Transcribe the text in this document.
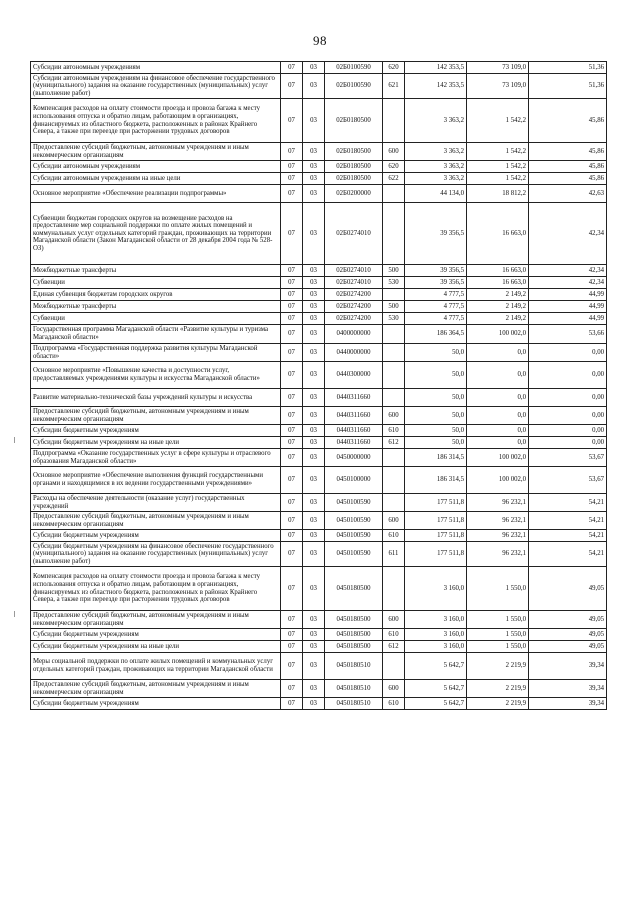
98
Субсидии автономным учреждениям	07	03	02Б0100590	620	142 353,5	73 109,0	51,36
Субсидии автономным учреждениям на финансовое обеспечение государственного (муниципального) задания на оказание государственных (муниципальных) услуг (выполнение работ)	07	03	02Б0100590	621	142 353,5	73 109,0	51,36
Компенсация расходов на оплату стоимости проезда и провоза багажа к месту использования отпуска и обратно лицам, работающим в организациях, финансируемых из областного бюджета, расположенных в районах Крайнего Севера, а также при переезде при расторжении трудовых договоров	07	03	02Б0180500		3 363,2	1 542,2	45,86
Предоставление субсидий бюджетным, автономным учреждениям и иным некоммерческим организациям	07	03	02Б0180500	600	3 363,2	1 542,2	45,86
Субсидии автономным учреждениям	07	03	02Б0180500	620	3 363,2	1 542,2	45,86
Субсидии автономным учреждениям на иные цели	07	03	02Б0180500	622	3 363,2	1 542,2	45,86
Основное мероприятие «Обеспечение реализации подпрограммы»	07	03	02Б0200000		44 134,0	18 812,2	42,63
Субвенции бюджетам городских округов на возмещение расходов на предоставление мер социальной поддержки по оплате жилых помещений и коммунальных услуг отдельных категорий граждан, проживающих на территории Магаданской области (Закон Магаданской области от 28 декабря 2004 года № 528-ОЗ)	07	03	02Б0274010		39 356,5	16 663,0	42,34
Межбюджетные трансферты	07	03	02Б0274010	500	39 356,5	16 663,0	42,34
Субвенции	07	03	02Б0274010	530	39 356,5	16 663,0	42,34
Единая субвенция бюджетам городских округов	07	03	02Б0274200		4 777,5	2 149,2	44,99
Межбюджетные трансферты	07	03	02Б0274200	500	4 777,5	2 149,2	44,99
Субвенции	07	03	02Б0274200	530	4 777,5	2 149,2	44,99
Государственная программа Магаданской области «Развитие культуры и туризма Магаданской области»	07	03	0400000000		186 364,5	100 002,0	53,66
Подпрограмма «Государственная поддержка развития культуры Магаданской области»	07	03	0440000000		50,0	0,0	0,00
Основное мероприятие «Повышение качества и доступности услуг, предоставляемых учреждениями культуры и искусства Магаданской области»	07	03	0440300000		50,0	0,0	0,00
Развитие материально-технической базы учреждений культуры и искусства	07	03	0440311660		50,0	0,0	0,00
Предоставление субсидий бюджетным, автономным учреждениям и иным некоммерческим организациям	07	03	0440311660	600	50,0	0,0	0,00
Субсидии бюджетным учреждениям	07	03	0440311660	610	50,0	0,0	0,00
Субсидии бюджетным учреждениям на иные цели	07	03	0440311660	612	50,0	0,0	0,00
Подпрограмма «Оказание государственных услуг в сфере культуры и отраслевого образования Магаданской области»	07	03	0450000000		186 314,5	100 002,0	53,67
Основное мероприятие «Обеспечение выполнения функций государственными органами и находящимися в их ведении государственными учреждениями»	07	03	0450100000		186 314,5	100 002,0	53,67
Расходы на обеспечение деятельности (оказание услуг) государственных учреждений	07	03	0450100590		177 511,8	96 232,1	54,21
Предоставление субсидий бюджетным, автономным учреждениям и иным некоммерческим организациям	07	03	0450100590	600	177 511,8	96 232,1	54,21
Субсидии бюджетным учреждениям	07	03	0450100590	610	177 511,8	96 232,1	54,21
Субсидии бюджетным учреждениям на финансовое обеспечение государственного (муниципального) задания на оказание государственных (муниципальных) услуг (выполнение работ)	07	03	0450100590	611	177 511,8	96 232,1	54,21
Компенсация расходов на оплату стоимости проезда и провоза багажа к месту использования отпуска и обратно лицам, работающим в организациях, финансируемых из областного бюджета, расположенных в районах Крайнего Севера, а также при переезде при расторжении трудовых договоров	07	03	0450180500		3 160,0	1 550,0	49,05
Предоставление субсидий бюджетным, автономным учреждениям и иным некоммерческим организациям	07	03	0450180500	600	3 160,0	1 550,0	49,05
Субсидии бюджетным учреждениям	07	03	0450180500	610	3 160,0	1 550,0	49,05
Субсидии бюджетным учреждениям на иные цели	07	03	0450180500	612	3 160,0	1 550,0	49,05
Меры социальной поддержки по оплате жилых помещений и коммунальных услуг отдельных категорий граждан, проживающих на территории Магаданской области	07	03	0450180510		5 642,7	2 219,9	39,34
Предоставление субсидий бюджетным, автономным учреждениям и иным некоммерческим организациям	07	03	0450180510	600	5 642,7	2 219,9	39,34
Субсидии бюджетным учреждениям	07	03	0450180510	610	5 642,7	2 219,9	39,34
